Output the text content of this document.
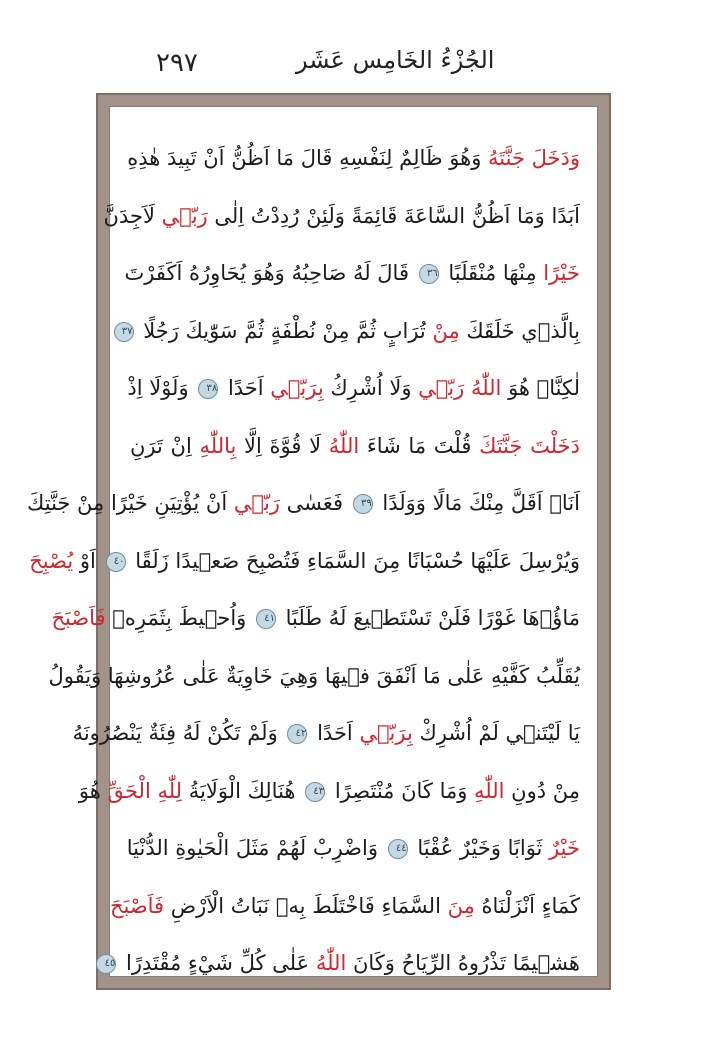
٢٩٧	الجُزْءُ الخَامِس عَشَر
وَدَخَلَ جَنَّتَهُ وَهُوَ ظَالِمٌ لِنَفْسِهِ قَالَ مَا اَظُنُّ اَنْ تَبِيدَ هٰذِهِ
اَبَدًا وَمَا اَظُنُّ السَّاعَةَ قَائِمَةً وَلَئِنْ رُدِدْتُ اِلٰى رَبّ۪ي لَاَجِدَنَّ
خَيْرًا مِنْهَا مُنْقَلَبًا ٣٦ قَالَ لَهُ صَاحِبُهُ وَهُوَ يُحَاوِرُهُ اَكَفَرْتَ
بِالَّذ۪ي خَلَقَكَ مِنْ تُرَابٍ ثُمَّ مِنْ نُطْفَةٍ ثُمَّ سَوّٰيكَ رَجُلًا ٣٧
لٰكِنَّا۬ هُوَ اللّٰهُ رَبّ۪ي وَلَا اُشْرِكُ بِرَبّ۪ي اَحَدًا ٣٨ وَلَوْلَا اِذْ
دَخَلْتَ جَنَّتَكَ قُلْتَ مَا شَاءَ اللّٰهُ لَا قُوَّةَ اِلَّا بِاللّٰهِ اِنْ تَرَنِ
اَنَا۬ اَقَلَّ مِنْكَ مَالًا وَوَلَدًا ٣٩ فَعَسٰى رَبّ۪ي اَنْ يُؤْتِيَنِ خَيْرًا مِنْ جَنَّتِكَ
وَيُرْسِلَ عَلَيْهَا حُسْبَانًا مِنَ السَّمَاءِ فَتُصْبِحَ صَع۪يدًا زَلَقًا ٤٠ اَوْ يُصْبِحَ
مَاؤُ۬هَا غَوْرًا فَلَنْ تَسْتَط۪يعَ لَهُ طَلَبًا ٤١ وَاُح۪يطَ بِثَمَرِه۪ فَاَصْبَحَ
يُقَلِّبُ كَفَّيْهِ عَلٰى مَا اَنْفَقَ ف۪يهَا وَهِيَ خَاوِيَةٌ عَلٰى عُرُوشِهَا وَيَقُولُ
يَا لَيْتَن۪ي لَمْ اُشْرِكْ بِرَبّ۪ي اَحَدًا ٤٢ وَلَمْ تَكُنْ لَهُ فِئَةٌ يَنْصُرُونَهُ
مِنْ دُونِ اللّٰهِ وَمَا كَانَ مُنْتَصِرًا ٤٣ هُنَالِكَ الْوَلَايَةُ لِلّٰهِ الْحَقِّ هُوَ
خَيْرٌ ثَوَابًا وَخَيْرٌ عُقْبًا ٤٤ وَاضْرِبْ لَهُمْ مَثَلَ الْحَيٰوةِ الدُّنْيَا
كَمَاءٍ اَنْزَلْنَاهُ مِنَ السَّمَاءِ فَاخْتَلَطَ بِه۪ نَبَاتُ الْاَرْضِ فَاَصْبَحَ
هَش۪يمًا تَذْرُوهُ الرِّيَاحُ وَكَانَ اللّٰهُ عَلٰى كُلِّ شَيْءٍ مُقْتَدِرًا ٤٥
